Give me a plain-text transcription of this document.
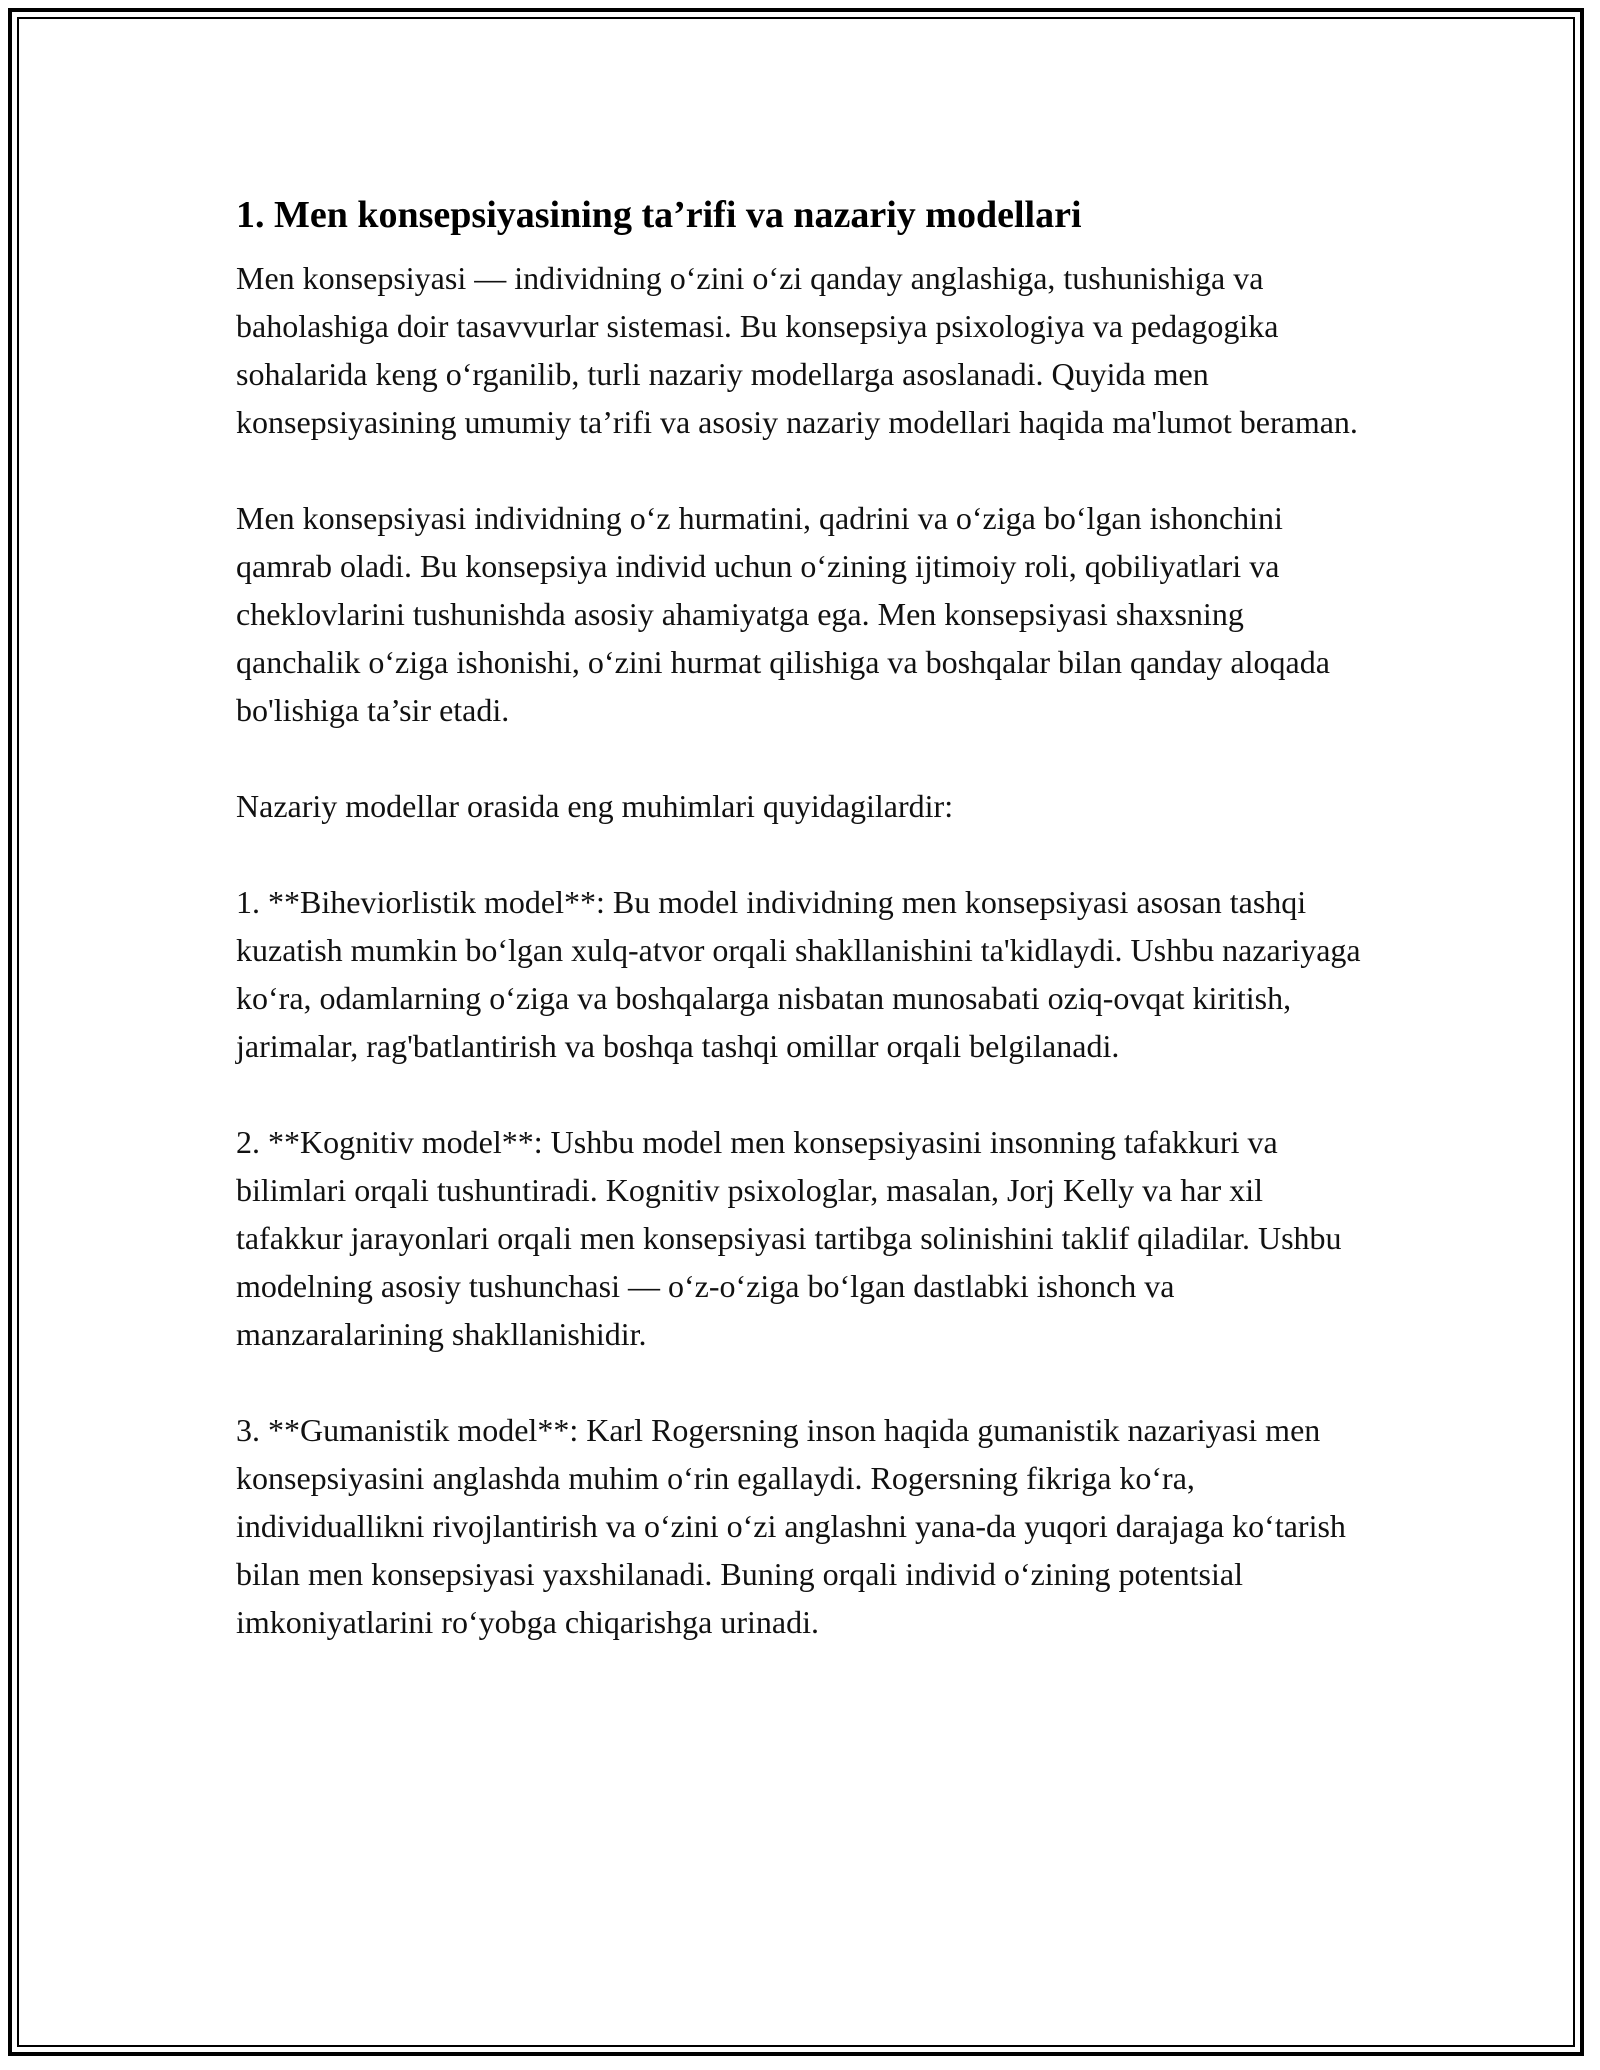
1. Men konsepsiyasining ta’rifi va nazariy modellari

Men konsepsiyasi — individning o‘zini o‘zi qanday anglashiga, tushunishiga va baholashiga doir tasavvurlar sistemasi. Bu konsepsiya psixologiya va pedagogika sohalarida keng o‘rganilib, turli nazariy modellarga asoslanadi. Quyida men konsepsiyasining umumiy ta’rifi va asosiy nazariy modellari haqida ma'lumot beraman.

Men konsepsiyasi individning o‘z hurmatini, qadrini va o‘ziga bo‘lgan ishonchini qamrab oladi. Bu konsepsiya individ uchun o‘zining ijtimoiy roli, qobiliyatlari va cheklovlarini tushunishda asosiy ahamiyatga ega. Men konsepsiyasi shaxsning qanchalik o‘ziga ishonishi, o‘zini hurmat qilishiga va boshqalar bilan qanday aloqada bo'lishiga ta’sir etadi.

Nazariy modellar orasida eng muhimlari quyidagilardir:

1. **Biheviorlistik model**: Bu model individning men konsepsiyasi asosan tashqi kuzatish mumkin bo‘lgan xulq-atvor orqali shakllanishini ta'kidlaydi. Ushbu nazariyaga ko‘ra, odamlarning o‘ziga va boshqalarga nisbatan munosabati oziq-ovqat kiritish, jarimalar, rag'batlantirish va boshqa tashqi omillar orqali belgilanadi.

2. **Kognitiv model**: Ushbu model men konsepsiyasini insonning tafakkuri va bilimlari orqali tushuntiradi. Kognitiv psixologlar, masalan, Jorj Kelly va har xil tafakkur jarayonlari orqali men konsepsiyasi tartibga solinishini taklif qiladilar. Ushbu modelning asosiy tushunchasi — o‘z-o‘ziga bo‘lgan dastlabki ishonch va manzaralarining shakllanishidir.

3. **Gumanistik model**: Karl Rogersning inson haqida gumanistik nazariyasi men konsepsiyasini anglashda muhim o‘rin egallaydi. Rogersning fikriga ko‘ra, individuallikni rivojlantirish va o‘zini o‘zi anglashni yana-da yuqori darajaga ko‘tarish bilan men konsepsiyasi yaxshilanadi. Buning orqali individ o‘zining potentsial imkoniyatlarini ro‘yobga chiqarishga urinadi.
